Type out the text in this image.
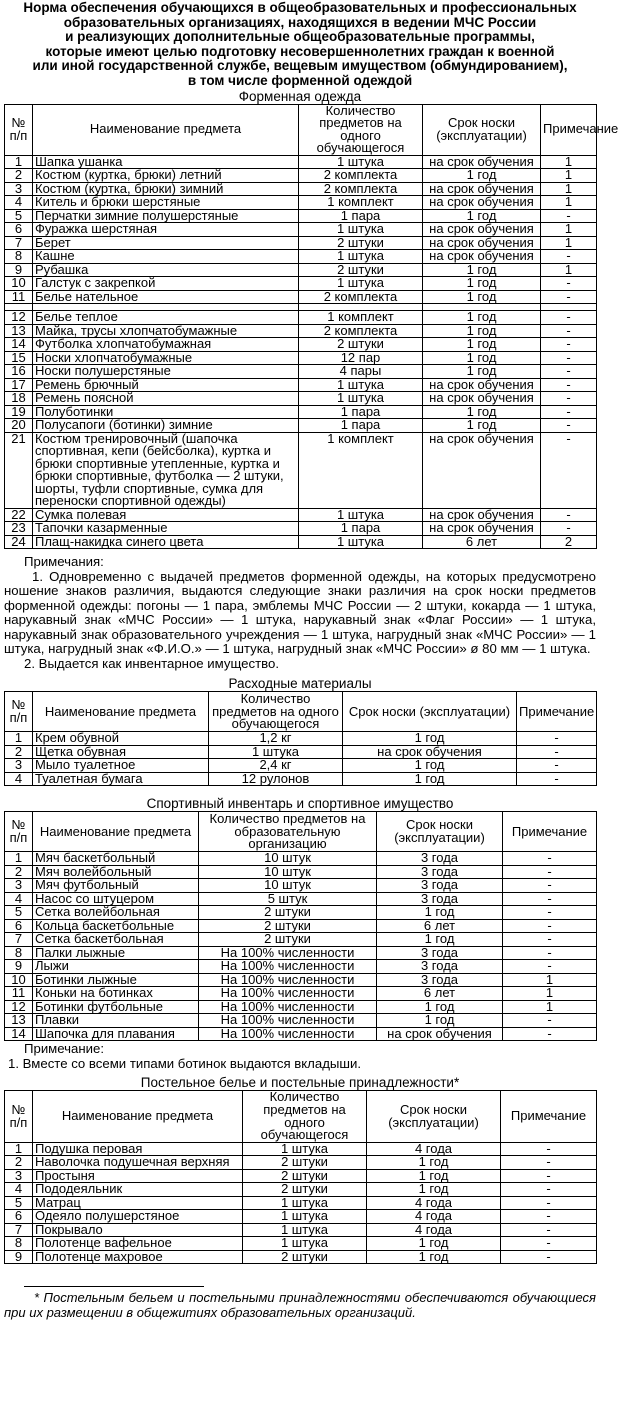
Норма обеспечения обучающихся в общеобразовательных и профессиональных
образовательных организациях, находящихся в ведении МЧС России
и реализующих дополнительные общеобразовательные программы,
которые имеют целью подготовку несовершеннолетних граждан к военной
или иной государственной службе, вещевым имуществом (обмундированием),
в том числе форменной одеждой
Форменная одежда
№ п/п	Наименование предмета	Количество предметов на одного обучающегося	Срок носки (эксплуатации)	Примечание
1	Шапка ушанка	1 штука	на срок обучения	1
2	Костюм (куртка, брюки) летний	2 комплекта	1 год	1
3	Костюм (куртка, брюки) зимний	2 комплекта	на срок обучения	1
4	Китель и брюки шерстяные	1 комплект	на срок обучения	1
5	Перчатки зимние полушерстяные	1 пара	1 год	-
6	Фуражка шерстяная	1 штука	на срок обучения	1
7	Берет	2 штуки	на срок обучения	1
8	Кашне	1 штука	на срок обучения	-
9	Рубашка	2 штуки	1 год	1
10	Галстук с закрепкой	1 штука	1 год	-
11	Белье нательное	2 комплекта	1 год	-

12	Белье теплое	1 комплект	1 год	-
13	Майка, трусы хлопчатобумажные	2 комплекта	1 год	-
14	Футболка хлопчатобумажная	2 штуки	1 год	-
15	Носки хлопчатобумажные	12 пар	1 год	-
16	Носки полушерстяные	4 пары	1 год	-
17	Ремень брючный	1 штука	на срок обучения	-
18	Ремень поясной	1 штука	на срок обучения	-
19	Полуботинки	1 пара	1 год	-
20	Полусапоги (ботинки) зимние	1 пара	1 год	-
21	Костюм тренировочный (шапочка спортивная, кепи (бейсболка), куртка и брюки спортивные утепленные, куртка и брюки спортивные, футболка — 2 штуки, шорты, туфли спортивные, сумка для переноски спортивной одежды)	1 комплект	на срок обучения	-
22	Сумка полевая	1 штука	на срок обучения	-
23	Тапочки казарменные	1 пара	на срок обучения	-
24	Плащ-накидка синего цвета	1 штука	6 лет	2

Примечания:

1. Одновременно с выдачей предметов форменной одежды, на которых предусмотрено ношение знаков различия, выдаются следующие знаки различия на срок носки предметов форменной одежды: погоны — 1 пара, эмблемы МЧС России — 2 штуки, кокарда — 1 штука, нарукавный знак «МЧС России» — 1 штука, нарукавный знак «Флаг России» — 1 штука, нарукавный знак образовательного учреждения — 1 штука, нагрудный знак «МЧС России» — 1 штука, нагрудный знак «Ф.И.О.» — 1 штука, нагрудный знак «МЧС России» ø 80 мм — 1 штука.

2. Выдается как инвентарное имущество.

Расходные материалы
№ п/п	Наименование предмета	Количество предметов на одного обучающегося	Срок носки (эксплуатации)	Примечание
1	Крем обувной	1,2 кг	1 год	-
2	Щетка обувная	1 штука	на срок обучения	-
3	Мыло туалетное	2,4 кг	1 год	-
4	Туалетная бумага	12 рулонов	1 год	-
Спортивный инвентарь и спортивное имущество
№ п/п	Наименование предмета	Количество предметов на образовательную организацию	Срок носки (эксплуатации)	Примечание
1	Мяч баскетбольный	10 штук	3 года	-
2	Мяч волейбольный	10 штук	3 года	-
3	Мяч футбольный	10 штук	3 года	-
4	Насос со штуцером	5 штук	3 года	-
5	Сетка волейбольная	2 штуки	1 год	-
6	Кольца баскетбольные	2 штуки	6 лет	-
7	Сетка баскетбольная	2 штуки	1 год	-
8	Палки лыжные	На 100% численности	3 года	-
9	Лыжи	На 100% численности	3 года	-
10	Ботинки лыжные	На 100% численности	3 года	1
11	Коньки на ботинках	На 100% численности	6 лет	1
12	Ботинки футбольные	На 100% численности	1 год	1
13	Плавки	На 100% численности	1 год	-
14	Шапочка для плавания	На 100% численности	на срок обучения	-

Примечание:

1. Вместе со всеми типами ботинок выдаются вкладыши.

Постельное белье и постельные принадлежности*
№ п/п	Наименование предмета	Количество предметов на одного обучающегося	Срок носки (эксплуатации)	Примечание
1	Подушка перовая	1 штука	4 года	-
2	Наволочка подушечная верхняя	2 штуки	1 год	-
3	Простыня	2 штуки	1 год	-
4	Пододеяльник	2 штуки	1 год	-
5	Матрац	1 штука	4 года	-
6	Одеяло полушерстяное	1 штука	4 года	-
7	Покрывало	1 штука	4 года	-
8	Полотенце вафельное	1 штука	1 год	-
9	Полотенце махровое	2 штуки	1 год	-
* Постельным бельем и постельными принадлежностями обеспечиваются обучающиеся при их размещении в общежитиях образовательных организаций.
